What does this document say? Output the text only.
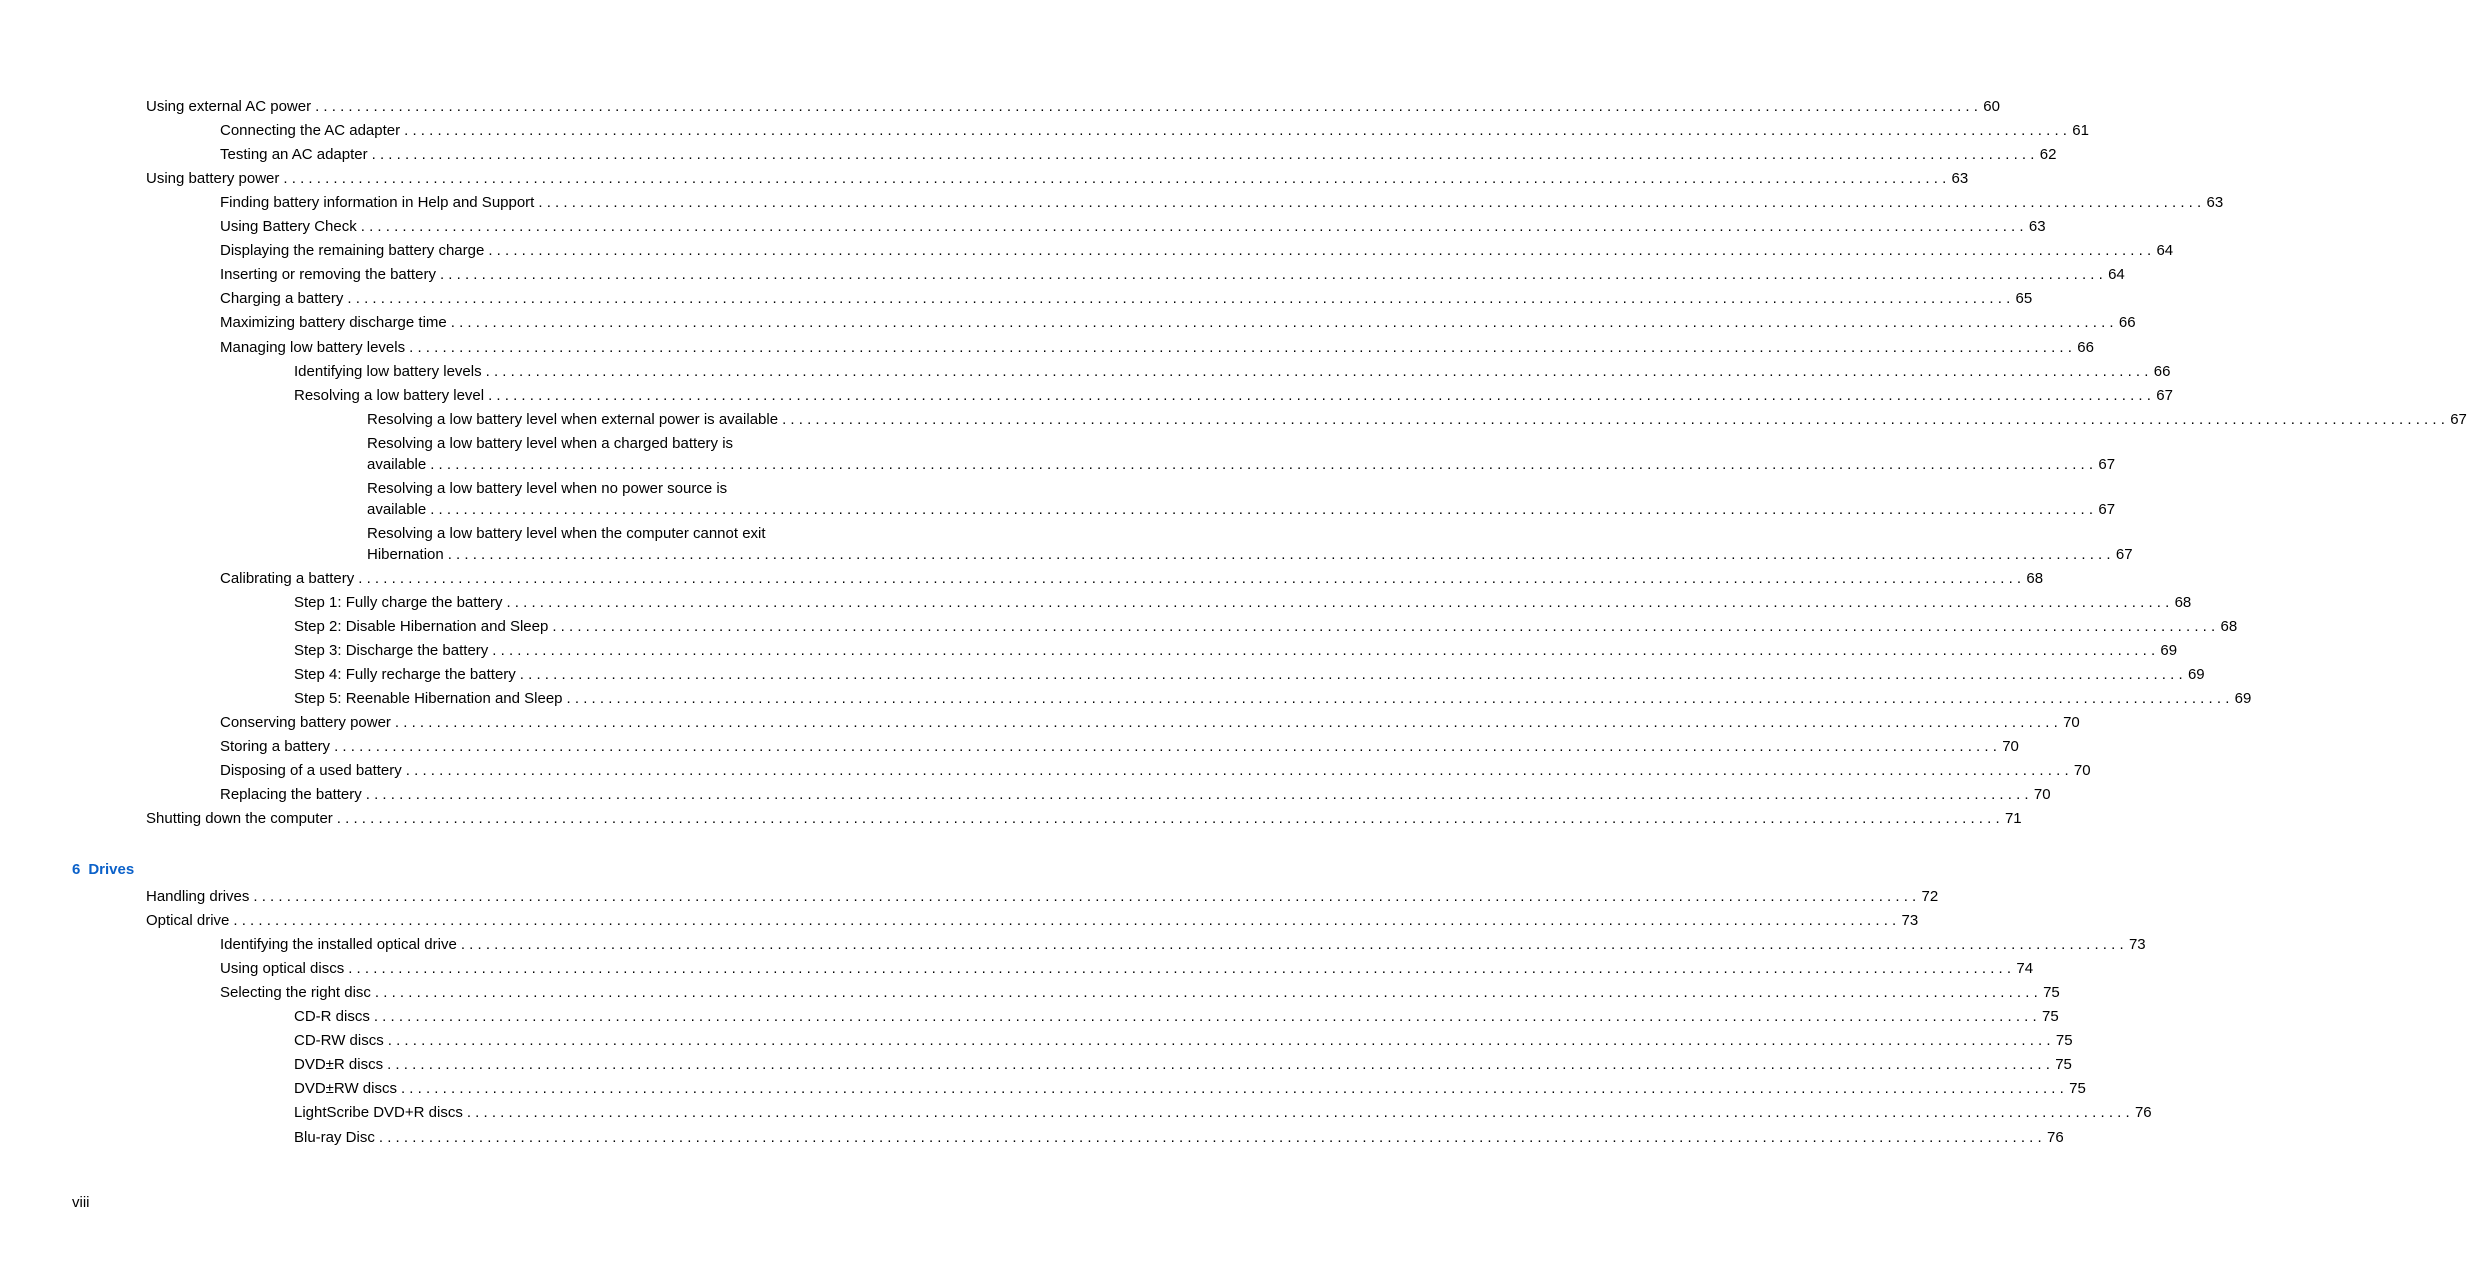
Using external AC power . . . . . . . . . . . . . . . . . . . . . . . . . . . . . . . . . . . . . . . . . . . . . . . . . . . . . . . . . . . . . . . . . . . . . . . . . . . . . . . . . . . . . . . . . . . . . . . . . . . . . . . . . . . . . . . . . . . . . . . . . . . . . . . . . . . . . . . . . . . . . . . . . . . . . . . . . . . . . . . . . . . . . . . . . . . . . . . . . . . . . . . . . . . . . . . . . . . . . . . . 60
Connecting the AC adapter . . . . . . . . . . . . . . . . . . . . . . . . . . . . . . . . . . . . . . . . . . . . . . . . . . . . . . . . . . . . . . . . . . . . . . . . . . . . . . . . . . . . . . . . . . . . . . . . . . . . . . . . . . . . . . . . . . . . . . . . . . . . . . . . . . . . . . . . . . . . . . . . . . . . . . . . . . . . . . . . . . . . . . . . . . . . . . . . . . . . . . . . . . . . . . . . . . . . . . . . 61
Testing an AC adapter . . . . . . . . . . . . . . . . . . . . . . . . . . . . . . . . . . . . . . . . . . . . . . . . . . . . . . . . . . . . . . . . . . . . . . . . . . . . . . . . . . . . . . . . . . . . . . . . . . . . . . . . . . . . . . . . . . . . . . . . . . . . . . . . . . . . . . . . . . . . . . . . . . . . . . . . . . . . . . . . . . . . . . . . . . . . . . . . . . . . . . . . . . . . . . . . . . . . . . . . 62
Using battery power . . . . . . . . . . . . . . . . . . . . . . . . . . . . . . . . . . . . . . . . . . . . . . . . . . . . . . . . . . . . . . . . . . . . . . . . . . . . . . . . . . . . . . . . . . . . . . . . . . . . . . . . . . . . . . . . . . . . . . . . . . . . . . . . . . . . . . . . . . . . . . . . . . . . . . . . . . . . . . . . . . . . . . . . . . . . . . . . . . . . . . . . . . . . . . . . . . . . . . . . 63
Finding battery information in Help and Support . . . . . . . . . . . . . . . . . . . . . . . . . . . . . . . . . . . . . . . . . . . . . . . . . . . . . . . . . . . . . . . . . . . . . . . . . . . . . . . . . . . . . . . . . . . . . . . . . . . . . . . . . . . . . . . . . . . . . . . . . . . . . . . . . . . . . . . . . . . . . . . . . . . . . . . . . . . . . . . . . . . . . . . . . . . . . . . . . . . . . . . . . . . . . . . . . . . . . . . . 63
Using Battery Check . . . . . . . . . . . . . . . . . . . . . . . . . . . . . . . . . . . . . . . . . . . . . . . . . . . . . . . . . . . . . . . . . . . . . . . . . . . . . . . . . . . . . . . . . . . . . . . . . . . . . . . . . . . . . . . . . . . . . . . . . . . . . . . . . . . . . . . . . . . . . . . . . . . . . . . . . . . . . . . . . . . . . . . . . . . . . . . . . . . . . . . . . . . . . . . . . . . . . . . . 63
Displaying the remaining battery charge . . . . . . . . . . . . . . . . . . . . . . . . . . . . . . . . . . . . . . . . . . . . . . . . . . . . . . . . . . . . . . . . . . . . . . . . . . . . . . . . . . . . . . . . . . . . . . . . . . . . . . . . . . . . . . . . . . . . . . . . . . . . . . . . . . . . . . . . . . . . . . . . . . . . . . . . . . . . . . . . . . . . . . . . . . . . . . . . . . . . . . . . . . . . . . . . . . . . . . . . 64
Inserting or removing the battery . . . . . . . . . . . . . . . . . . . . . . . . . . . . . . . . . . . . . . . . . . . . . . . . . . . . . . . . . . . . . . . . . . . . . . . . . . . . . . . . . . . . . . . . . . . . . . . . . . . . . . . . . . . . . . . . . . . . . . . . . . . . . . . . . . . . . . . . . . . . . . . . . . . . . . . . . . . . . . . . . . . . . . . . . . . . . . . . . . . . . . . . . . . . . . . . . . . . . . . . 64
Charging a battery . . . . . . . . . . . . . . . . . . . . . . . . . . . . . . . . . . . . . . . . . . . . . . . . . . . . . . . . . . . . . . . . . . . . . . . . . . . . . . . . . . . . . . . . . . . . . . . . . . . . . . . . . . . . . . . . . . . . . . . . . . . . . . . . . . . . . . . . . . . . . . . . . . . . . . . . . . . . . . . . . . . . . . . . . . . . . . . . . . . . . . . . . . . . . . . . . . . . . . . . 65
Maximizing battery discharge time . . . . . . . . . . . . . . . . . . . . . . . . . . . . . . . . . . . . . . . . . . . . . . . . . . . . . . . . . . . . . . . . . . . . . . . . . . . . . . . . . . . . . . . . . . . . . . . . . . . . . . . . . . . . . . . . . . . . . . . . . . . . . . . . . . . . . . . . . . . . . . . . . . . . . . . . . . . . . . . . . . . . . . . . . . . . . . . . . . . . . . . . . . . . . . . . . . . . . . . . 66
Managing low battery levels . . . . . . . . . . . . . . . . . . . . . . . . . . . . . . . . . . . . . . . . . . . . . . . . . . . . . . . . . . . . . . . . . . . . . . . . . . . . . . . . . . . . . . . . . . . . . . . . . . . . . . . . . . . . . . . . . . . . . . . . . . . . . . . . . . . . . . . . . . . . . . . . . . . . . . . . . . . . . . . . . . . . . . . . . . . . . . . . . . . . . . . . . . . . . . . . . . . . . . . . 66
Identifying low battery levels . . . . . . . . . . . . . . . . . . . . . . . . . . . . . . . . . . . . . . . . . . . . . . . . . . . . . . . . . . . . . . . . . . . . . . . . . . . . . . . . . . . . . . . . . . . . . . . . . . . . . . . . . . . . . . . . . . . . . . . . . . . . . . . . . . . . . . . . . . . . . . . . . . . . . . . . . . . . . . . . . . . . . . . . . . . . . . . . . . . . . . . . . . . . . . . . . . . . . . . . 66
Resolving a low battery level . . . . . . . . . . . . . . . . . . . . . . . . . . . . . . . . . . . . . . . . . . . . . . . . . . . . . . . . . . . . . . . . . . . . . . . . . . . . . . . . . . . . . . . . . . . . . . . . . . . . . . . . . . . . . . . . . . . . . . . . . . . . . . . . . . . . . . . . . . . . . . . . . . . . . . . . . . . . . . . . . . . . . . . . . . . . . . . . . . . . . . . . . . . . . . . . . . . . . . . . 67
Resolving a low battery level when external power is available . . . . . . . . . . . . . . . . . . . . . . . . . . . . . . . . . . . . . . . . . . . . . . . . . . . . . . . . . . . . . . . . . . . . . . . . . . . . . . . . . . . . . . . . . . . . . . . . . . . . . . . . . . . . . . . . . . . . . . . . . . . . . . . . . . . . . . . . . . . . . . . . . . . . . . . . . . . . . . . . . . . . . . . . . . . . . . . . . . . . . . . . . . . . . . . . . . . . . . . . 67
Resolving a low battery level when a charged battery is
available . . . . . . . . . . . . . . . . . . . . . . . . . . . . . . . . . . . . . . . . . . . . . . . . . . . . . . . . . . . . . . . . . . . . . . . . . . . . . . . . . . . . . . . . . . . . . . . . . . . . . . . . . . . . . . . . . . . . . . . . . . . . . . . . . . . . . . . . . . . . . . . . . . . . . . . . . . . . . . . . . . . . . . . . . . . . . . . . . . . . . . . . . . . . . . . . . . . . . . . . 67
Resolving a low battery level when no power source is
available . . . . . . . . . . . . . . . . . . . . . . . . . . . . . . . . . . . . . . . . . . . . . . . . . . . . . . . . . . . . . . . . . . . . . . . . . . . . . . . . . . . . . . . . . . . . . . . . . . . . . . . . . . . . . . . . . . . . . . . . . . . . . . . . . . . . . . . . . . . . . . . . . . . . . . . . . . . . . . . . . . . . . . . . . . . . . . . . . . . . . . . . . . . . . . . . . . . . . . . . 67
Resolving a low battery level when the computer cannot exit
Hibernation . . . . . . . . . . . . . . . . . . . . . . . . . . . . . . . . . . . . . . . . . . . . . . . . . . . . . . . . . . . . . . . . . . . . . . . . . . . . . . . . . . . . . . . . . . . . . . . . . . . . . . . . . . . . . . . . . . . . . . . . . . . . . . . . . . . . . . . . . . . . . . . . . . . . . . . . . . . . . . . . . . . . . . . . . . . . . . . . . . . . . . . . . . . . . . . . . . . . . . . . 67
Calibrating a battery . . . . . . . . . . . . . . . . . . . . . . . . . . . . . . . . . . . . . . . . . . . . . . . . . . . . . . . . . . . . . . . . . . . . . . . . . . . . . . . . . . . . . . . . . . . . . . . . . . . . . . . . . . . . . . . . . . . . . . . . . . . . . . . . . . . . . . . . . . . . . . . . . . . . . . . . . . . . . . . . . . . . . . . . . . . . . . . . . . . . . . . . . . . . . . . . . . . . . . . . 68
Step 1: Fully charge the battery . . . . . . . . . . . . . . . . . . . . . . . . . . . . . . . . . . . . . . . . . . . . . . . . . . . . . . . . . . . . . . . . . . . . . . . . . . . . . . . . . . . . . . . . . . . . . . . . . . . . . . . . . . . . . . . . . . . . . . . . . . . . . . . . . . . . . . . . . . . . . . . . . . . . . . . . . . . . . . . . . . . . . . . . . . . . . . . . . . . . . . . . . . . . . . . . . . . . . . . . 68
Step 2: Disable Hibernation and Sleep . . . . . . . . . . . . . . . . . . . . . . . . . . . . . . . . . . . . . . . . . . . . . . . . . . . . . . . . . . . . . . . . . . . . . . . . . . . . . . . . . . . . . . . . . . . . . . . . . . . . . . . . . . . . . . . . . . . . . . . . . . . . . . . . . . . . . . . . . . . . . . . . . . . . . . . . . . . . . . . . . . . . . . . . . . . . . . . . . . . . . . . . . . . . . . . . . . . . . . . . 68
Step 3: Discharge the battery . . . . . . . . . . . . . . . . . . . . . . . . . . . . . . . . . . . . . . . . . . . . . . . . . . . . . . . . . . . . . . . . . . . . . . . . . . . . . . . . . . . . . . . . . . . . . . . . . . . . . . . . . . . . . . . . . . . . . . . . . . . . . . . . . . . . . . . . . . . . . . . . . . . . . . . . . . . . . . . . . . . . . . . . . . . . . . . . . . . . . . . . . . . . . . . . . . . . . . . . 69
Step 4: Fully recharge the battery . . . . . . . . . . . . . . . . . . . . . . . . . . . . . . . . . . . . . . . . . . . . . . . . . . . . . . . . . . . . . . . . . . . . . . . . . . . . . . . . . . . . . . . . . . . . . . . . . . . . . . . . . . . . . . . . . . . . . . . . . . . . . . . . . . . . . . . . . . . . . . . . . . . . . . . . . . . . . . . . . . . . . . . . . . . . . . . . . . . . . . . . . . . . . . . . . . . . . . . . 69
Step 5: Reenable Hibernation and Sleep . . . . . . . . . . . . . . . . . . . . . . . . . . . . . . . . . . . . . . . . . . . . . . . . . . . . . . . . . . . . . . . . . . . . . . . . . . . . . . . . . . . . . . . . . . . . . . . . . . . . . . . . . . . . . . . . . . . . . . . . . . . . . . . . . . . . . . . . . . . . . . . . . . . . . . . . . . . . . . . . . . . . . . . . . . . . . . . . . . . . . . . . . . . . . . . . . . . . . . . . 69
Conserving battery power . . . . . . . . . . . . . . . . . . . . . . . . . . . . . . . . . . . . . . . . . . . . . . . . . . . . . . . . . . . . . . . . . . . . . . . . . . . . . . . . . . . . . . . . . . . . . . . . . . . . . . . . . . . . . . . . . . . . . . . . . . . . . . . . . . . . . . . . . . . . . . . . . . . . . . . . . . . . . . . . . . . . . . . . . . . . . . . . . . . . . . . . . . . . . . . . . . . . . . . . 70
Storing a battery . . . . . . . . . . . . . . . . . . . . . . . . . . . . . . . . . . . . . . . . . . . . . . . . . . . . . . . . . . . . . . . . . . . . . . . . . . . . . . . . . . . . . . . . . . . . . . . . . . . . . . . . . . . . . . . . . . . . . . . . . . . . . . . . . . . . . . . . . . . . . . . . . . . . . . . . . . . . . . . . . . . . . . . . . . . . . . . . . . . . . . . . . . . . . . . . . . . . . . . . 70
Disposing of a used battery . . . . . . . . . . . . . . . . . . . . . . . . . . . . . . . . . . . . . . . . . . . . . . . . . . . . . . . . . . . . . . . . . . . . . . . . . . . . . . . . . . . . . . . . . . . . . . . . . . . . . . . . . . . . . . . . . . . . . . . . . . . . . . . . . . . . . . . . . . . . . . . . . . . . . . . . . . . . . . . . . . . . . . . . . . . . . . . . . . . . . . . . . . . . . . . . . . . . . . . . 70
Replacing the battery . . . . . . . . . . . . . . . . . . . . . . . . . . . . . . . . . . . . . . . . . . . . . . . . . . . . . . . . . . . . . . . . . . . . . . . . . . . . . . . . . . . . . . . . . . . . . . . . . . . . . . . . . . . . . . . . . . . . . . . . . . . . . . . . . . . . . . . . . . . . . . . . . . . . . . . . . . . . . . . . . . . . . . . . . . . . . . . . . . . . . . . . . . . . . . . . . . . . . . . . 70
Shutting down the computer . . . . . . . . . . . . . . . . . . . . . . . . . . . . . . . . . . . . . . . . . . . . . . . . . . . . . . . . . . . . . . . . . . . . . . . . . . . . . . . . . . . . . . . . . . . . . . . . . . . . . . . . . . . . . . . . . . . . . . . . . . . . . . . . . . . . . . . . . . . . . . . . . . . . . . . . . . . . . . . . . . . . . . . . . . . . . . . . . . . . . . . . . . . . . . . . . . . . . . . . 71
Handling drives . . . . . . . . . . . . . . . . . . . . . . . . . . . . . . . . . . . . . . . . . . . . . . . . . . . . . . . . . . . . . . . . . . . . . . . . . . . . . . . . . . . . . . . . . . . . . . . . . . . . . . . . . . . . . . . . . . . . . . . . . . . . . . . . . . . . . . . . . . . . . . . . . . . . . . . . . . . . . . . . . . . . . . . . . . . . . . . . . . . . . . . . . . . . . . . . . . . . . . . . 72
Optical drive . . . . . . . . . . . . . . . . . . . . . . . . . . . . . . . . . . . . . . . . . . . . . . . . . . . . . . . . . . . . . . . . . . . . . . . . . . . . . . . . . . . . . . . . . . . . . . . . . . . . . . . . . . . . . . . . . . . . . . . . . . . . . . . . . . . . . . . . . . . . . . . . . . . . . . . . . . . . . . . . . . . . . . . . . . . . . . . . . . . . . . . . . . . . . . . . . . . . . . . . 73
Identifying the installed optical drive . . . . . . . . . . . . . . . . . . . . . . . . . . . . . . . . . . . . . . . . . . . . . . . . . . . . . . . . . . . . . . . . . . . . . . . . . . . . . . . . . . . . . . . . . . . . . . . . . . . . . . . . . . . . . . . . . . . . . . . . . . . . . . . . . . . . . . . . . . . . . . . . . . . . . . . . . . . . . . . . . . . . . . . . . . . . . . . . . . . . . . . . . . . . . . . . . . . . . . . . 73
Using optical discs . . . . . . . . . . . . . . . . . . . . . . . . . . . . . . . . . . . . . . . . . . . . . . . . . . . . . . . . . . . . . . . . . . . . . . . . . . . . . . . . . . . . . . . . . . . . . . . . . . . . . . . . . . . . . . . . . . . . . . . . . . . . . . . . . . . . . . . . . . . . . . . . . . . . . . . . . . . . . . . . . . . . . . . . . . . . . . . . . . . . . . . . . . . . . . . . . . . . . . . . 74
Selecting the right disc . . . . . . . . . . . . . . . . . . . . . . . . . . . . . . . . . . . . . . . . . . . . . . . . . . . . . . . . . . . . . . . . . . . . . . . . . . . . . . . . . . . . . . . . . . . . . . . . . . . . . . . . . . . . . . . . . . . . . . . . . . . . . . . . . . . . . . . . . . . . . . . . . . . . . . . . . . . . . . . . . . . . . . . . . . . . . . . . . . . . . . . . . . . . . . . . . . . . . . . . 75
CD-R discs . . . . . . . . . . . . . . . . . . . . . . . . . . . . . . . . . . . . . . . . . . . . . . . . . . . . . . . . . . . . . . . . . . . . . . . . . . . . . . . . . . . . . . . . . . . . . . . . . . . . . . . . . . . . . . . . . . . . . . . . . . . . . . . . . . . . . . . . . . . . . . . . . . . . . . . . . . . . . . . . . . . . . . . . . . . . . . . . . . . . . . . . . . . . . . . . . . . . . . . . 75
CD-RW discs . . . . . . . . . . . . . . . . . . . . . . . . . . . . . . . . . . . . . . . . . . . . . . . . . . . . . . . . . . . . . . . . . . . . . . . . . . . . . . . . . . . . . . . . . . . . . . . . . . . . . . . . . . . . . . . . . . . . . . . . . . . . . . . . . . . . . . . . . . . . . . . . . . . . . . . . . . . . . . . . . . . . . . . . . . . . . . . . . . . . . . . . . . . . . . . . . . . . . . . . 75
DVD±R discs . . . . . . . . . . . . . . . . . . . . . . . . . . . . . . . . . . . . . . . . . . . . . . . . . . . . . . . . . . . . . . . . . . . . . . . . . . . . . . . . . . . . . . . . . . . . . . . . . . . . . . . . . . . . . . . . . . . . . . . . . . . . . . . . . . . . . . . . . . . . . . . . . . . . . . . . . . . . . . . . . . . . . . . . . . . . . . . . . . . . . . . . . . . . . . . . . . . . . . . . 75
DVD±RW discs . . . . . . . . . . . . . . . . . . . . . . . . . . . . . . . . . . . . . . . . . . . . . . . . . . . . . . . . . . . . . . . . . . . . . . . . . . . . . . . . . . . . . . . . . . . . . . . . . . . . . . . . . . . . . . . . . . . . . . . . . . . . . . . . . . . . . . . . . . . . . . . . . . . . . . . . . . . . . . . . . . . . . . . . . . . . . . . . . . . . . . . . . . . . . . . . . . . . . . . . 75
LightScribe DVD+R discs . . . . . . . . . . . . . . . . . . . . . . . . . . . . . . . . . . . . . . . . . . . . . . . . . . . . . . . . . . . . . . . . . . . . . . . . . . . . . . . . . . . . . . . . . . . . . . . . . . . . . . . . . . . . . . . . . . . . . . . . . . . . . . . . . . . . . . . . . . . . . . . . . . . . . . . . . . . . . . . . . . . . . . . . . . . . . . . . . . . . . . . . . . . . . . . . . . . . . . . . 76
Blu-ray Disc . . . . . . . . . . . . . . . . . . . . . . . . . . . . . . . . . . . . . . . . . . . . . . . . . . . . . . . . . . . . . . . . . . . . . . . . . . . . . . . . . . . . . . . . . . . . . . . . . . . . . . . . . . . . . . . . . . . . . . . . . . . . . . . . . . . . . . . . . . . . . . . . . . . . . . . . . . . . . . . . . . . . . . . . . . . . . . . . . . . . . . . . . . . . . . . . . . . . . . . . 76
6 Drives
viii
